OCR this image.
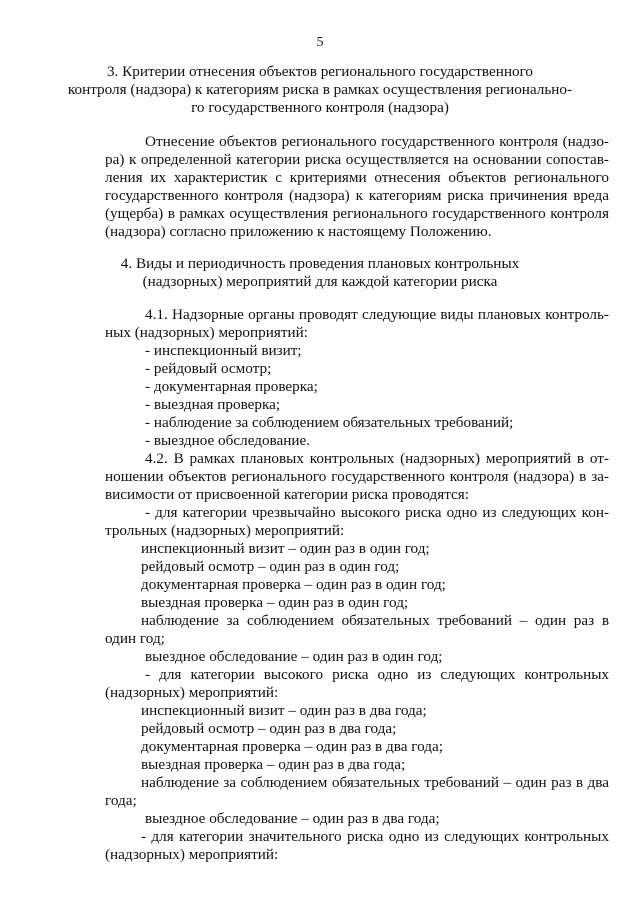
5
3. Критерии отнесения объектов регионального государственного
контроля (надзора) к категориям риска в рамках осуществления регионально-
го государственного контроля (надзора)
Отнесение объектов регионального государственного контроля (надзо-
ра) к определенной категории риска осуществляется на основании сопостав-
ления их характеристик с критериями отнесения объектов регионального
государственного контроля (надзора) к категориям риска причинения вреда
(ущерба) в рамках осуществления регионального государственного контроля
(надзора) согласно приложению к настоящему Положению.
4. Виды и периодичность проведения плановых контрольных
(надзорных) мероприятий для каждой категории риска
4.1. Надзорные органы проводят следующие виды плановых контроль-
ных (надзорных) мероприятий:
- инспекционный визит;
- рейдовый осмотр;
- документарная проверка;
- выездная проверка;
- наблюдение за соблюдением обязательных требований;
- выездное обследование.
4.2. В рамках плановых контрольных (надзорных) мероприятий в от-
ношении объектов регионального государственного контроля (надзора) в за-
висимости от присвоенной категории риска проводятся:
- для категории чрезвычайно высокого риска одно из следующих кон-
трольных (надзорных) мероприятий:
инспекционный визит – один раз в один год;
рейдовый осмотр – один раз в один год;
документарная проверка – один раз в один год;
выездная проверка – один раз в один год;
наблюдение за соблюдением обязательных требований – один раз в
один год;
выездное обследование – один раз в один год;
- для категории высокого риска одно из следующих контрольных
(надзорных) мероприятий:
инспекционный визит – один раз в два года;
рейдовый осмотр – один раз в два года;
документарная проверка – один раз в два года;
выездная проверка – один раз в два года;
наблюдение за соблюдением обязательных требований – один раз в два
года;
выездное обследование – один раз в два года;
- для категории значительного риска одно из следующих контрольных
(надзорных) мероприятий:
